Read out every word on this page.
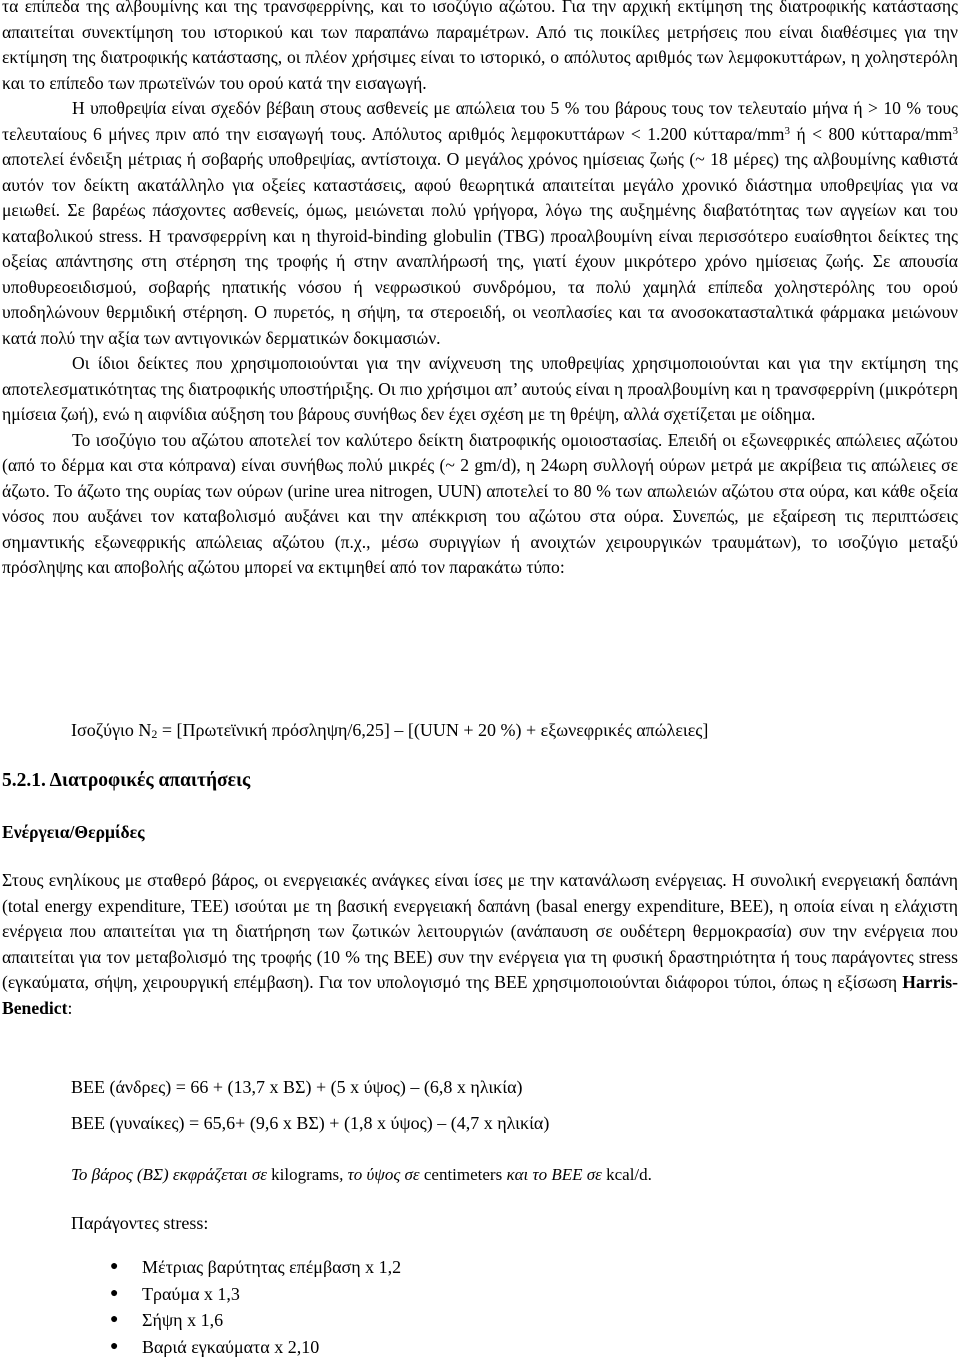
τα επίπεδα της αλβουμίνης και της τρανσφερρίνης, και το ισοζύγιο αζώτου. Για την αρχική εκτίμηση της διατροφικής κατάστασης απαιτείται συνεκτίμηση του ιστορικού και των παραπάνω παραμέτρων. Από τις ποικίλες μετρήσεις που είναι διαθέσιμες για την εκτίμηση της διατροφικής κατάστασης, οι πλέον χρήσιμες είναι το ιστορικό, ο απόλυτος αριθμός των λεμφοκυττάρων, η χοληστερόλη και το επίπεδο των πρωτεϊνών του ορού κατά την εισαγωγή.

Η υποθρεψία είναι σχεδόν βέβαιη στους ασθενείς με απώλεια του 5 % του βάρους τους τον τελευταίο μήνα ή > 10 % τους τελευταίους 6 μήνες πριν από την εισαγωγή τους. Απόλυτος αριθμός λεμφοκυττάρων < 1.200 κύτταρα/$mm^3$ ή < 800 κύτταρα/$mm^3$ αποτελεί ένδειξη μέτριας ή σοβαρής υποθρεψίας, αντίστοιχα. Ο μεγάλος χρόνος ημίσειας ζωής (~ 18 μέρες) της αλβουμίνης καθιστά αυτόν τον δείκτη ακατάλληλο για οξείες καταστάσεις, αφού θεωρητικά απαιτείται μεγάλο χρονικό διάστημα υποθρεψίας για να μειωθεί. Σε βαρέως πάσχοντες ασθενείς, όμως, μειώνεται πολύ γρήγορα, λόγω της αυξημένης διαβατότητας των αγγείων και του καταβολικού stress. Η τρανσφερρίνη και η thyroid-binding globulin (TBG) προαλβουμίνη είναι περισσότερο ευαίσθητοι δείκτες της οξείας απάντησης στη στέρηση της τροφής ή στην αναπλήρωσή της, γιατί έχουν μικρότερο χρόνο ημίσειας ζωής. Σε απουσία υποθυρεοειδισμού, σοβαρής ηπατικής νόσου ή νεφρωσικού συνδρόμου, τα πολύ χαμηλά επίπεδα χοληστερόλης του ορού υποδηλώνουν θερμιδική στέρηση. Ο πυρετός, η σήψη, τα στεροειδή, οι νεοπλασίες και τα ανοσοκατασταλτικά φάρμακα μειώνουν κατά πολύ την αξία των αντιγονικών δερματικών δοκιμασιών.

Οι ίδιοι δείκτες που χρησιμοποιούνται για την ανίχνευση της υποθρεψίας χρησιμοποιούνται και για την εκτίμηση της αποτελεσματικότητας της διατροφικής υποστήριξης. Οι πιο χρήσιμοι απ’ αυτούς είναι η προαλβουμίνη και η τρανσφερρίνη (μικρότερη ημίσεια ζωή), ενώ η αιφνίδια αύξηση του βάρους συνήθως δεν έχει σχέση με τη θρέψη, αλλά σχετίζεται με οίδημα.

Το ισοζύγιο του αζώτου αποτελεί τον καλύτερο δείκτη διατροφικής ομοιοστασίας. Επειδή οι εξωνεφρικές απώλειες αζώτου (από το δέρμα και στα κόπρανα) είναι συνήθως πολύ μικρές (~ 2 gm/d), η 24ωρη συλλογή ούρων μετρά με ακρίβεια τις απώλειες σε άζωτο. Το άζωτο της ουρίας των ούρων (urine urea nitrogen, UUN) αποτελεί το 80 % των απωλειών αζώτου στα ούρα, και κάθε οξεία νόσος που αυξάνει τον καταβολισμό αυξάνει και την απέκκριση του αζώτου στα ούρα. Συνεπώς, με εξαίρεση τις περιπτώσεις σημαντικής εξωνεφρικής απώλειας αζώτου (π.χ., μέσω συριγγίων ή ανοιχτών χειρουργικών τραυμάτων), το ισοζύγιο μεταξύ πρόσληψης και αποβολής αζώτου μπορεί να εκτιμηθεί από τον παρακάτω τύπο:

Ισοζύγιο $N_2 = [\Pi\rho\omega\tau\varepsilon ϊ\nu\iota\kappa ή$ πρόσληψη/6,25] – [(UUN + 20 %) + εξωνεφρικές απώλειες]
5.2.1. Διατροφικές απαιτήσεις
Ενέργεια/Θερμίδες

Στους ενηλίκους με σταθερό βάρος, οι ενεργειακές ανάγκες είναι ίσες με την κατανάλωση ενέργειας. Η συνολική ενεργειακή δαπάνη (total energy expenditure, TEE) ισούται με τη βασική ενεργειακή δαπάνη (basal energy expenditure, BEE), η οποία είναι η ελάχιστη ενέργεια που απαιτείται για τη διατήρηση των ζωτικών λειτουργιών (ανάπαυση σε ουδέτερη θερμοκρασία) συν την ενέργεια που απαιτείται για τον μεταβολισμό της τροφής (10 % της BEE) συν την ενέργεια για τη φυσική δραστηριότητα ή τους παράγοντες stress (εγκαύματα, σήψη, χειρουργική επέμβαση). Για τον υπολογισμό της BEE χρησιμοποιούνται διάφοροι τύποι, όπως η εξίσωση Harris-Benedict:

BEE (άνδρες) = 66 + (13,7 x ΒΣ) + (5 x ύψος) – (6,8 x ηλικία)
BEE (γυναίκες) = 65,6+ (9,6 x ΒΣ) + (1,8 x ύψος) – (4,7 x ηλικία)
Το βάρος (ΒΣ) εκφράζεται σε kilograms, το ύψος σε centimeters και το BEE σε kcal/d.
Παράγοντες stress:
● Μέτριας βαρύτητας επέμβαση x 1,2
● Τραύμα x 1,3
● Σήψη x 1,6
● Βαριά εγκαύματα x 2,10
